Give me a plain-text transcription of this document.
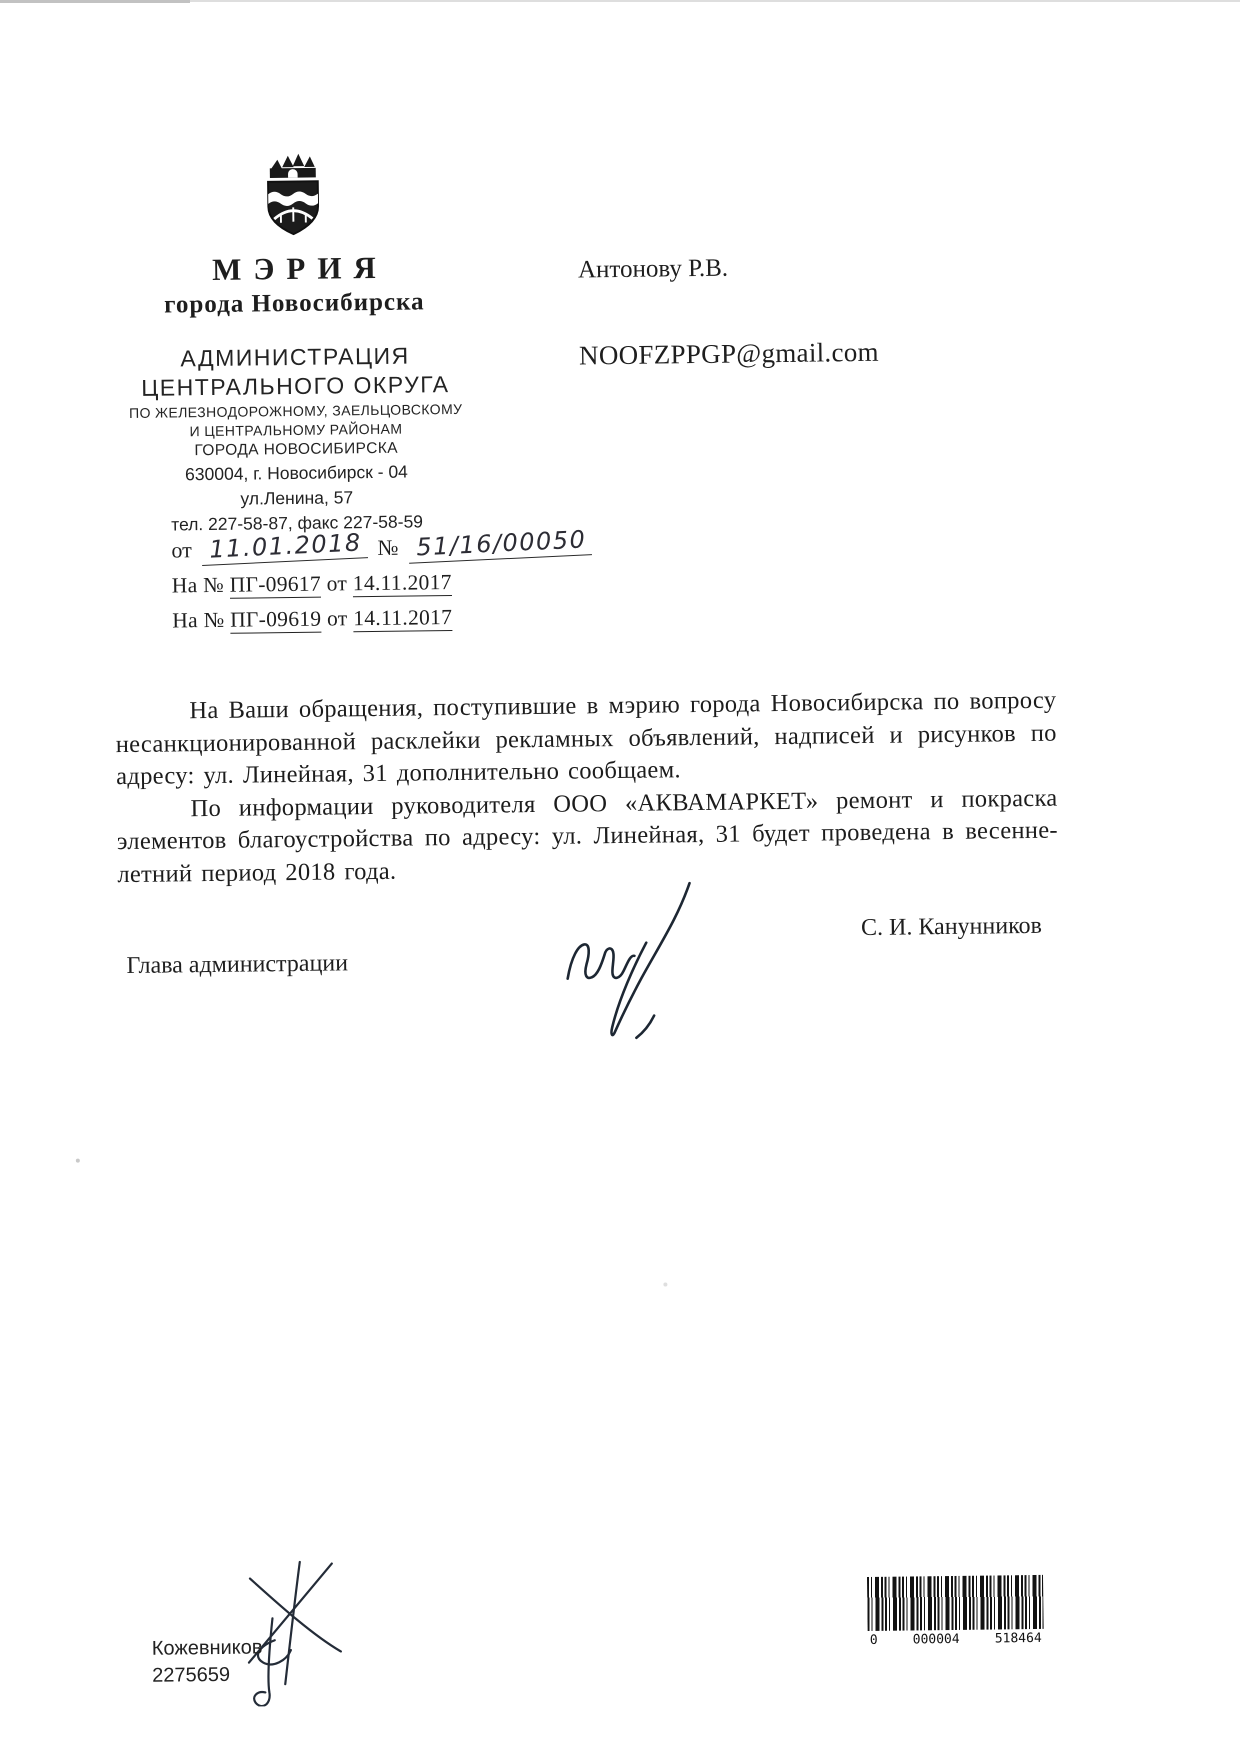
МЭРИЯ
города Новосибирска
АДМИНИСТРАЦИЯ
ЦЕНТРАЛЬНОГО ОКРУГА
ПО ЖЕЛЕЗНОДОРОЖНОМУ, ЗАЕЛЬЦОВСКОМУ
И ЦЕНТРАЛЬНОМУ РАЙОНАМ
ГОРОДА НОВОСИБИРСКА
630004, г. Новосибирск - 04
ул.Ленина, 57
тел. 227-58-87, факс 227-58-59
от 11.01.2018 № 51/16/00050
На № ПГ-09617 от 14.11.2017
На № ПГ-09619 от 14.11.2017
Антонову Р.В.
NOOFZPPGP@gmail.com

На Ваши обращения, поступившие в мэрию города Новосибирска по вопросу несанкционированной расклейки рекламных объявлений, надписей и рисунков по адресу: ул. Линейная, 31 дополнительно сообщаем.

По информации руководителя ООО «АКВАМАРКЕТ» ремонт и покраска элементов благоустройства по адресу: ул. Линейная, 31 будет проведена в весенне-летний период 2018 года.

Глава администрации
С. И. Канунников
Кожевников
2275659
0	000004	518464
